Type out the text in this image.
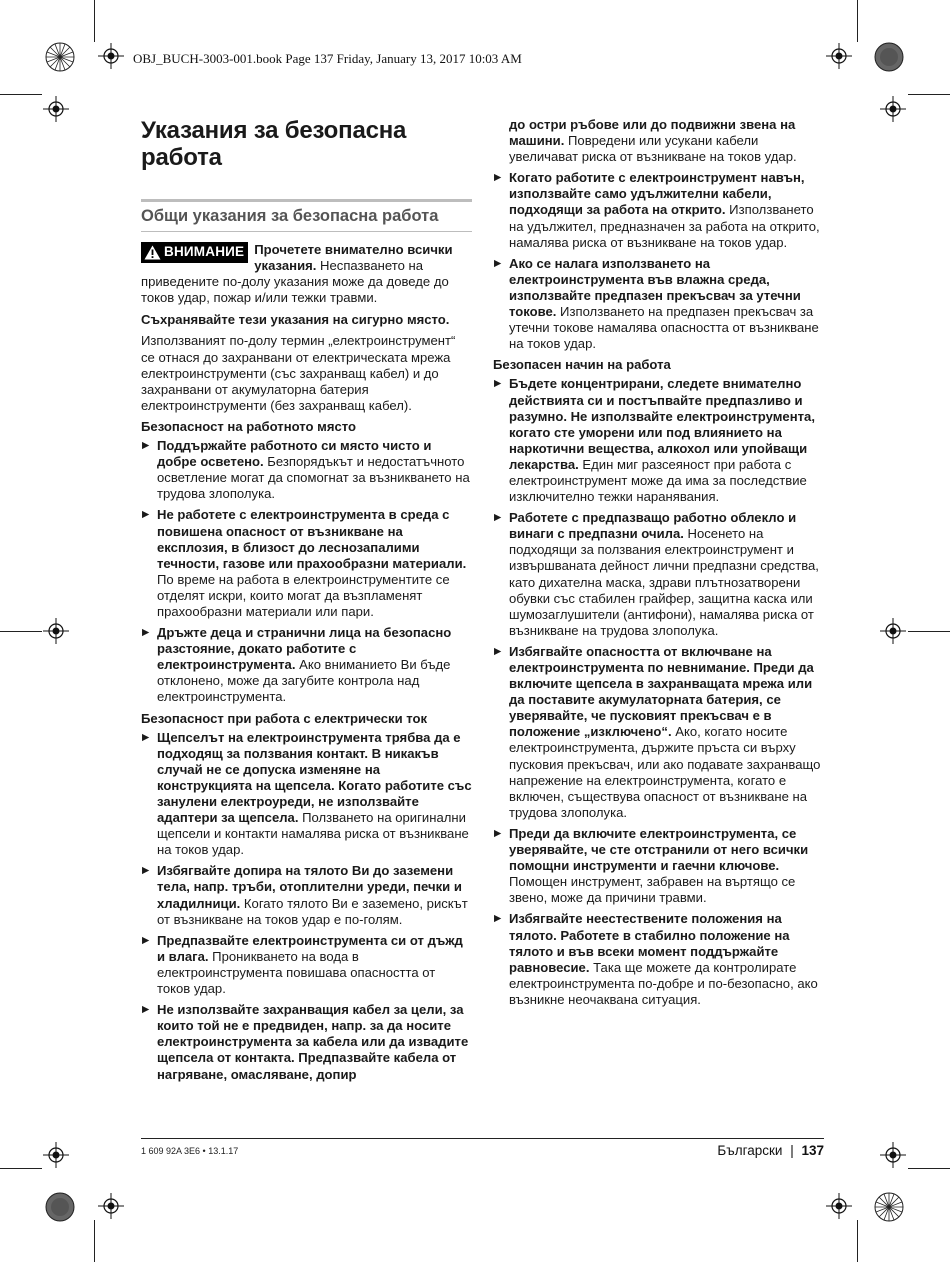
OBJ_BUCH-3003-001.book Page 137 Friday, January 13, 2017 10:03 AM
Указания за безопасна работа
Общи указания за безопасна работа

ВНИМАНИЕ Прочетете внимателно всички указания. Неспазването на приведените по-долу указания може да доведе до токов удар, пожар и/или тежки травми.

Съхранявайте тези указания на сигурно място.

Използваният по-долу термин „електроинструмент“ се отнася до захранвани от електрическата мрежа електроинструменти (със захранващ кабел) и до захранвани от акумулаторна батерия електроинструменти (без захранващ кабел).

Безопасност на работното място
▶ Поддържайте работното си място чисто и добре осветено. Безпорядъкът и недостатъчното осветление могат да спомогнат за възникването на трудова злополука.
▶ Не работете с електроинструмента в среда с повишена опасност от възникване на експлозия, в близост до леснозапалими течности, газове или прахообразни материали. По време на работа в електроинструментите се отделят искри, които могат да възпламенят прахообразни материали или пари.
▶ Дръжте деца и странични лица на безопасно разстояние, докато работите с електроинструмента. Ако вниманието Ви бъде отклонено, може да загубите контрола над електроинструмента.
Безопасност при работа с електрически ток
▶ Щепселът на електроинструмента трябва да е подходящ за ползвания контакт. В никакъв случай не се допуска изменяне на конструкцията на щепсела. Когато работите със занулени електроуреди, не използвайте адаптери за щепсела. Ползването на оригинални щепсели и контакти намалява риска от възникване на токов удар.
▶ Избягвайте допира на тялото Ви до заземени тела, напр. тръби, отоплителни уреди, печки и хладилници. Когато тялото Ви е заземено, рискът от възникване на токов удар е по-голям.
▶ Предпазвайте електроинструмента си от дъжд и влага. Проникването на вода в електроинструмента повишава опасността от токов удар.
▶ Не използвайте захранващия кабел за цели, за които той не е предвиден, напр. за да носите електроинструмента за кабела или да извадите щепсела от контакта. Предпазвайте кабела от нагряване, омасляване, допир

до остри ръбове или до подвижни звена на машини. Повредени или усукани кабели увеличават риска от възникване на токов удар.

▶ Когато работите с електроинструмент навън, използвайте само удължителни кабели, подходящи за работа на открито. Използването на удължител, предназначен за работа на открито, намалява риска от възникване на токов удар.
▶ Ако се налага използването на електроинструмента във влажна среда, използвайте предпазен прекъсвач за утечни токове. Използването на предпазен прекъсвач за утечни токове намалява опасността от възникване на токов удар.
Безопасен начин на работа
▶ Бъдете концентрирани, следете внимателно действията си и постъпвайте предпазливо и разумно. Не използвайте електроинструмента, когато сте уморени или под влиянието на наркотични вещества, алкохол или упойващи лекарства. Един миг разсеяност при работа с електроинструмент може да има за последствие изключително тежки наранявания.
▶ Работете с предпазващо работно облекло и винаги с предпазни очила. Носенето на подходящи за ползвания електроинструмент и извършваната дейност лични предпазни средства, като дихателна маска, здрави плътнозатворени обувки със стабилен грайфер, защитна каска или шумозаглушители (антифони), намалява риска от възникване на трудова злополука.
▶ Избягвайте опасността от включване на електроинструмента по невнимание. Преди да включите щепсела в захранващата мрежа или да поставите акумулаторната батерия, се уверявайте, че пусковият прекъсвач е в положение „изключено“. Ако, когато носите електроинструмента, държите пръста си върху пусковия прекъсвач, или ако подавате захранващо напрежение на електроинструмента, когато е включен, съществува опасност от възникване на трудова злополука.
▶ Преди да включите електроинструмента, се уверявайте, че сте отстранили от него всички помощни инструменти и гаечни ключове. Помощен инструмент, забравен на въртящо се звено, може да причини травми.
▶ Избягвайте неестествените положения на тялото. Работете в стабилно положение на тялото и във всеки момент поддържайте равновесие. Така ще можете да контролирате електроинструмента по-добре и по-безопасно, ако възникне неочаквана ситуация.
1 609 92A 3E6 • 13.1.17	Български | 137
